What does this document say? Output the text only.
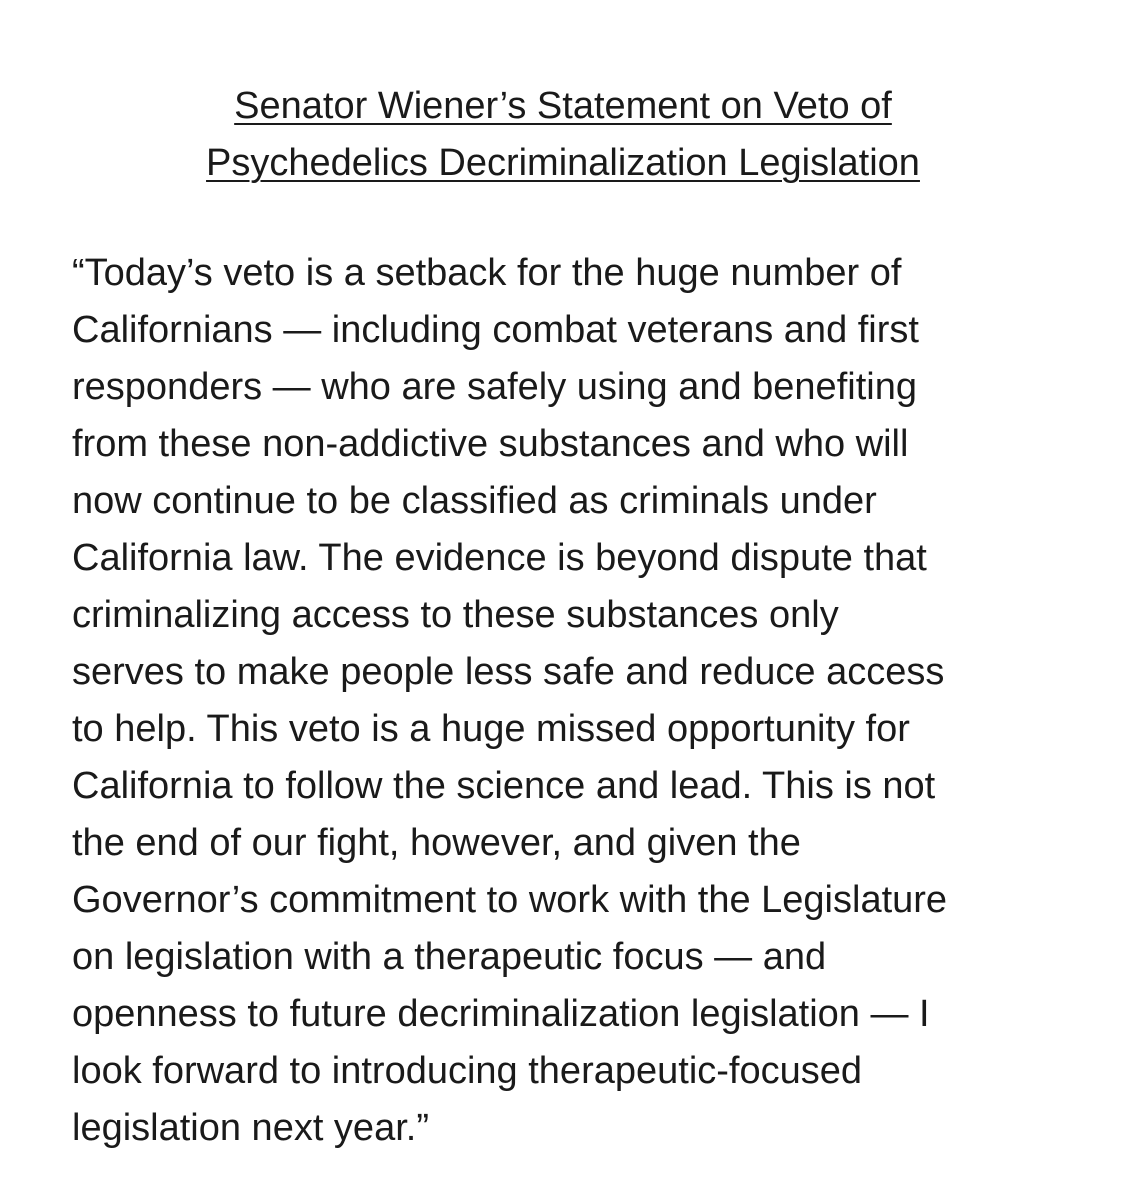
Senator Wiener’s Statement on Veto of
Psychedelics Decriminalization Legislation
“Today’s veto is a setback for the huge number of
Californians — including combat veterans and first
responders — who are safely using and benefiting
from these non-addictive substances and who will
now continue to be classified as criminals under
California law. The evidence is beyond dispute that
criminalizing access to these substances only
serves to make people less safe and reduce access
to help. This veto is a huge missed opportunity for
California to follow the science and lead. This is not
the end of our fight, however, and given the
Governor’s commitment to work with the Legislature
on legislation with a therapeutic focus — and
openness to future decriminalization legislation — I
look forward to introducing therapeutic-focused
legislation next year.”
